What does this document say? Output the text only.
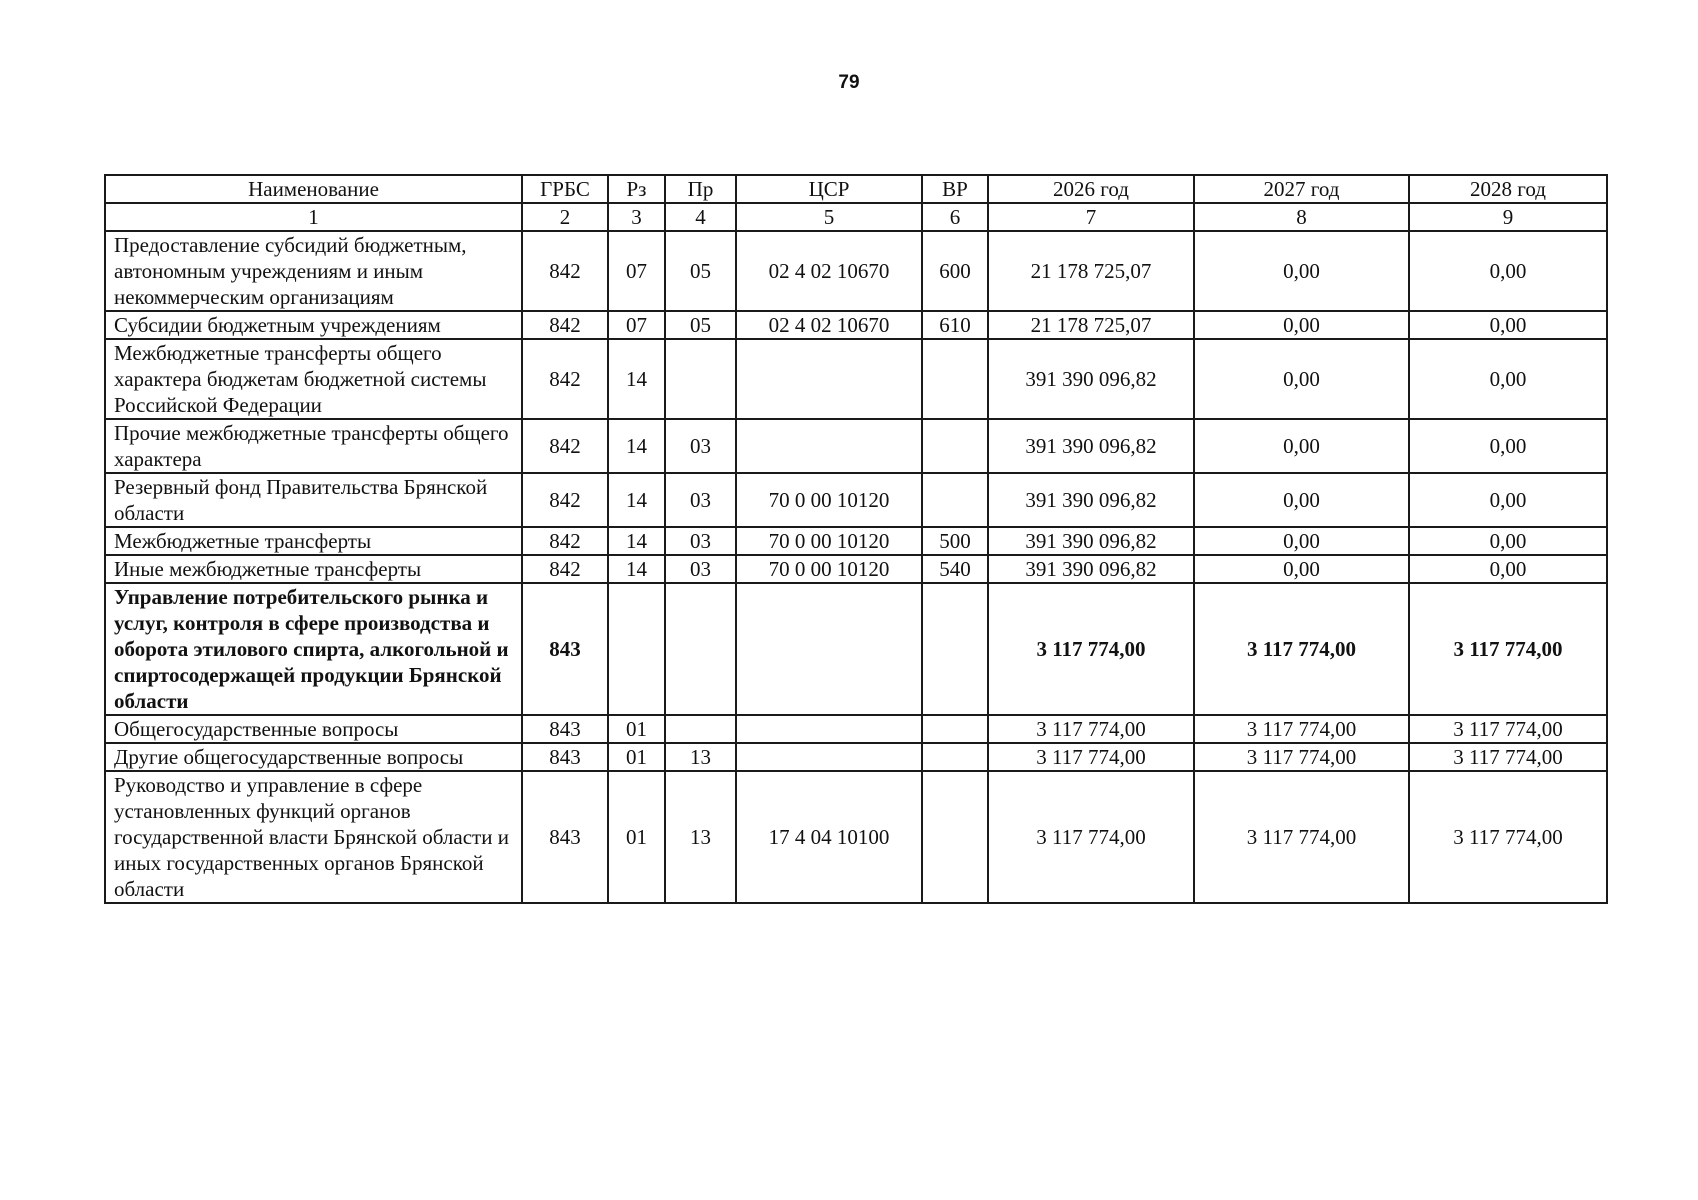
79
Наименование	ГРБС	Рз	Пр	ЦСР	ВР	2026 год	2027 год	2028 год
1	2	3	4	5	6	7	8	9
Предоставление субсидий бюджетным, автономным учреждениям и иным некоммерческим организациям	842	07	05	02 4 02 10670	600	21 178 725,07	0,00	0,00
Субсидии бюджетным учреждениям	842	07	05	02 4 02 10670	610	21 178 725,07	0,00	0,00
Межбюджетные трансферты общего характера бюджетам бюджетной системы Российской Федерации	842	14				391 390 096,82	0,00	0,00
Прочие межбюджетные трансферты общего характера	842	14	03			391 390 096,82	0,00	0,00
Резервный фонд Правительства Брянской области	842	14	03	70 0 00 10120		391 390 096,82	0,00	0,00
Межбюджетные трансферты	842	14	03	70 0 00 10120	500	391 390 096,82	0,00	0,00
Иные межбюджетные трансферты	842	14	03	70 0 00 10120	540	391 390 096,82	0,00	0,00
Управление потребительского рынка и услуг, контроля в сфере производства и оборота этилового спирта, алкогольной и спиртосодержащей продукции Брянской области	843					3 117 774,00	3 117 774,00	3 117 774,00
Общегосударственные вопросы	843	01				3 117 774,00	3 117 774,00	3 117 774,00
Другие общегосударственные вопросы	843	01	13			3 117 774,00	3 117 774,00	3 117 774,00
Руководство и управление в сфере установленных функций органов государственной власти Брянской области и иных государственных органов Брянской области	843	01	13	17 4 04 10100		3 117 774,00	3 117 774,00	3 117 774,00
